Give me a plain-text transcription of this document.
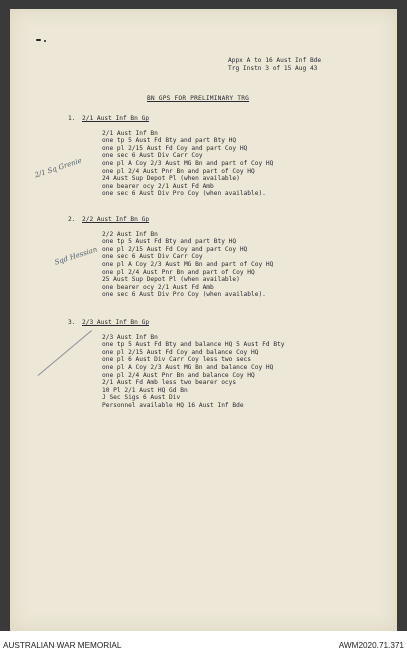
Appx A to 16 Aust Inf Bde
Trg Instn 3 of 15 Aug 43
BN GPS FOR PRELIMINARY TRG
1. 2/1 Aust Inf Bn Gp
2/1 Aust Inf Bn
one tp 5 Aust Fd Bty and part Bty HQ
one pl 2/15 Aust Fd Coy and part Coy HQ
one sec 6 Aust Div Carr Coy
one pl A Coy 2/3 Aust MG Bn and part of Coy HQ
one pl 2/4 Aust Pnr Bn and part of Coy HQ
24 Aust Sup Depot Pl (when available)
one bearer ocy 2/1 Aust Fd Amb
one sec 6 Aust Div Pro Coy (when available).
2/1 Sq Grenie
2. 2/2 Aust Inf Bn Gp
2/2 Aust Inf Bn
one tp 5 Aust Fd Bty and part Bty HQ
one pl 2/15 Aust Fd Coy and part Coy HQ
one sec 6 Aust Div Carr Coy
one pl A Coy 2/3 Aust MG Bn and part of Coy HQ
one pl 2/4 Aust Pnr Bn and part of Coy HQ
25 Aust Sup Depot Pl (when available)
one bearer ocy 2/1 Aust Fd Amb
one sec 6 Aust Div Pro Coy (when available).
Sqd Hessian
3. 2/3 Aust Inf Bn Gp
2/3 Aust Inf Bn
one tp 5 Aust Fd Bty and balance HQ 5 Aust Fd Bty
one pl 2/15 Aust Fd Coy and balance Coy HQ
one pl 6 Aust Div Carr Coy less two secs
one pl A Coy 2/3 Aust MG Bn and balance Coy HQ
one pl 2/4 Aust Pnr Bn and balance Coy HQ
2/1 Aust Fd Amb less two bearer ocys
10 Pl 2/1 Aust HQ Gd Bn
J Sec Sigs 6 Aust Div
Personnel available HQ 16 Aust Inf Bde
AUSTRALIAN WAR MEMORIAL	AWM2020.71.371
